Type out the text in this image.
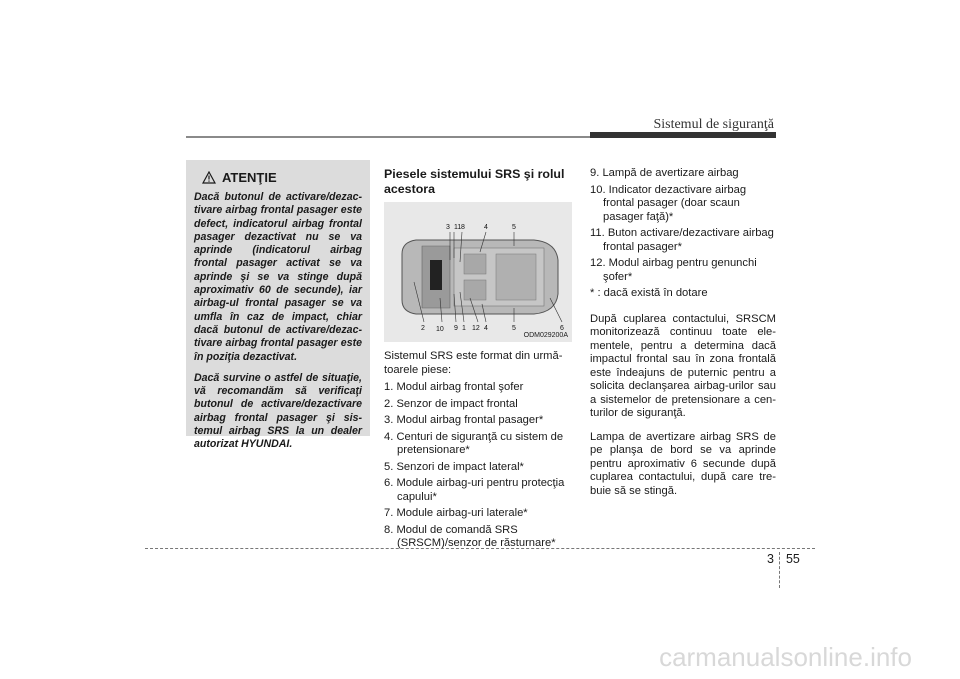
Sistemul de siguranţă
ATENŢIE

Dacă butonul de activare/dezac-tivare airbag frontal pasager este defect, indicatorul airbag frontal pasager dezactivat nu se va aprinde (indicatorul airbag frontal pasager activat se va aprinde şi se va stinge după aproximativ 60 de secunde), iar airbag-ul frontal pasager se va umfla în caz de impact, chiar dacă butonul de activare/dezac-tivare airbag frontal pasager este în poziţia dezactivat.

Dacă survine o astfel de situaţie, vă recomandăm să verificaţi butonul de activare/dezactivare airbag frontal pasager şi sis-temul airbag SRS la un dealer autorizat HYUNDAI.

Piesele sistemului SRS şi rolul acestora
3 11 8	4	5
2 10 9 1 12 4	5	6
ODM029200A

Sistemul SRS este format din urmă-toarele piese:

1. Modul airbag frontal şofer
2. Senzor de impact frontal
3. Modul airbag frontal pasager*
4. Centuri de siguranţă cu sistem de pretensionare*
5. Senzori de impact lateral*
6. Module airbag-uri pentru protecţia capului*
7. Module airbag-uri laterale*
8. Modul de comandă SRS (SRSCM)/senzor de răsturnare*
9. Lampă de avertizare airbag
10. Indicator dezactivare airbag frontal pasager (doar scaun pasager faţă)*
11. Buton activare/dezactivare airbag frontal pasager*
12. Modul airbag pentru genunchi şofer*
* : dacă există în dotare

După cuplarea contactului, SRSCM monitorizează continuu toate ele-mentele, pentru a determina dacă impactul frontal sau în zona frontală este îndeajuns de puternic pentru a solicita declanşarea airbag-urilor sau a sistemelor de pretensionare a cen-turilor de siguranţă.

Lampa de avertizare airbag SRS de pe planşa de bord se va aprinde pentru aproximativ 6 secunde după cuplarea contactului, după care tre-buie să se stingă.

3 55
carmanualsonline.info
